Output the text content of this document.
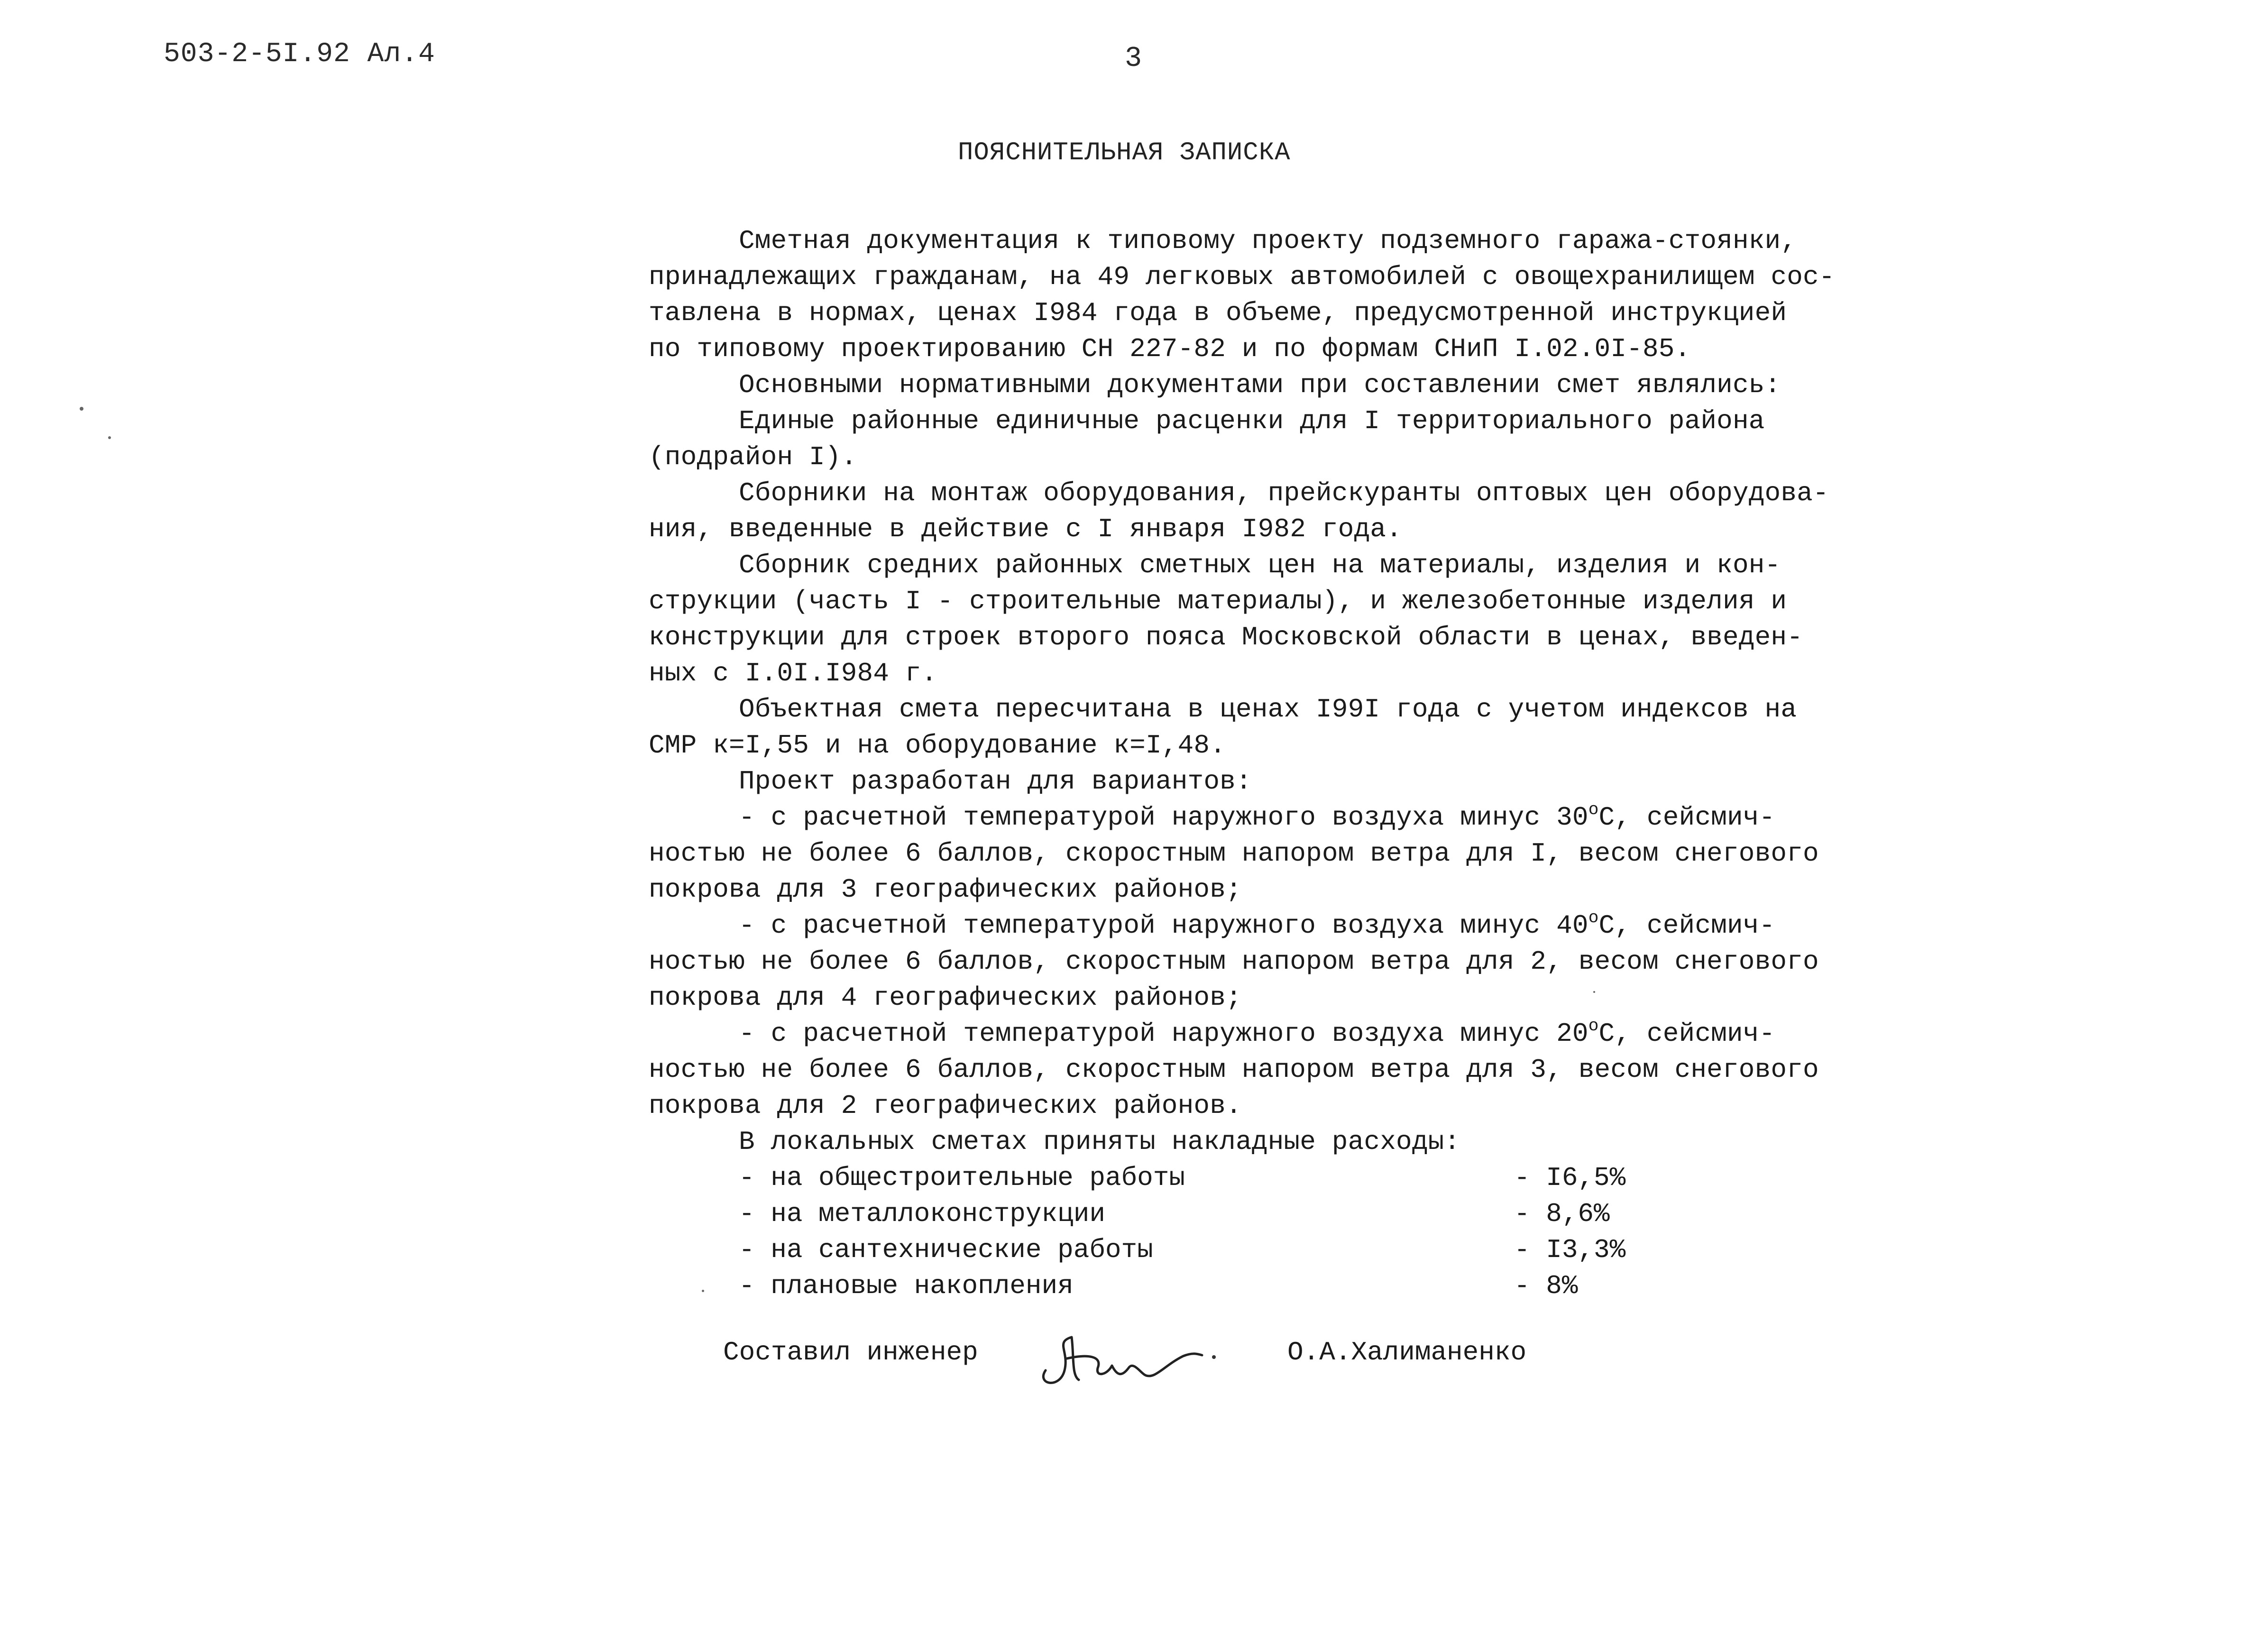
503-2-5I.92 Ал.4	3
ПОЯСНИТЕЛЬНАЯ ЗАПИСКА
Сметная документация к типовому проекту подземного гаража-стоянки,
принадлежащих гражданам, на 49 легковых автомобилей с овощехранилищем сос-
тавлена в нормах, ценах I984 года в объеме, предусмотренной инструкцией
по типовому проектированию СН 227-82 и по формам СНиП I.02.0I-85.
Основными нормативными документами при составлении смет являлись:
Единые районные единичные расценки для I территориального района
(подрайон I).
Сборники на монтаж оборудования, прейскуранты оптовых цен оборудова-
ния, введенные в действие с I января I982 года.
Сборник средних районных сметных цен на материалы, изделия и кон-
струкции (часть I - строительные материалы), и железобетонные изделия и
конструкции для строек второго пояса Московской области в ценах, введен-
ных с I.0I.I984 г.
Объектная смета пересчитана в ценах I99I года с учетом индексов на
СМР к=I,55 и на оборудование к=I,48.
Проект разработан для вариантов:
- с расчетной температурой наружного воздуха минус 30$^o$С, сейсмич-
ностью не более 6 баллов, скоростным напором ветра для I, весом снегового
покрова для 3 географических районов;
- с расчетной температурой наружного воздуха минус 40$^o$С, сейсмич-
ностью не более 6 баллов, скоростным напором ветра для 2, весом снегового
покрова для 4 географических районов;
- с расчетной температурой наружного воздуха минус 20$^o$С, сейсмич-
ностью не более 6 баллов, скоростным напором ветра для 3, весом снегового
покрова для 2 географических районов.
В локальных сметах приняты накладные расходы:
- на общестроительные работы	- I6,5%
- на металлоконструкции	- 8,6%
- на сантехнические работы	- I3,3%
- плановые накопления	- 8%
Составил инженер	О.А.Халиманенко
